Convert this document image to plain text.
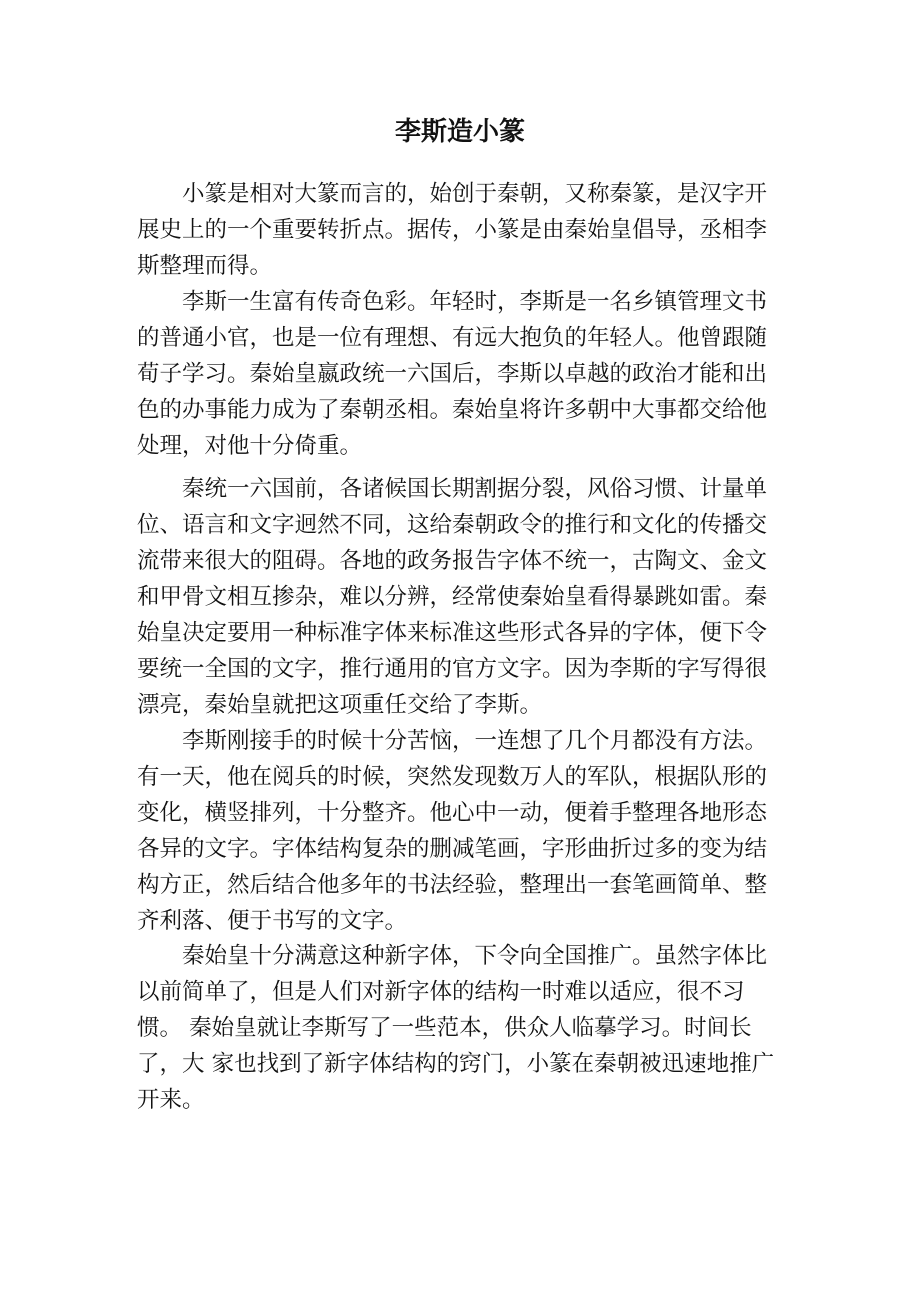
李斯造小篆

小篆是相对大篆而言的，始创于秦朝，又称秦篆，是汉字开展史上的一个重要转折点。据传，小篆是由秦始皇倡导，丞相李斯整理而得。

李斯一生富有传奇色彩。年轻时，李斯是一名乡镇管理文书的普通小官，也是一位有理想、有远大抱负的年轻人。他曾跟随荀子学习。秦始皇嬴政统一六国后，李斯以卓越的政治才能和出色的办事能力成为了秦朝丞相。秦始皇将许多朝中大事都交给他处理，对他十分倚重。

秦统一六国前，各诸候国长期割据分裂，风俗习惯、计量单位、语言和文字迥然不同，这给秦朝政令的推行和文化的传播交流带来很大的阻碍。各地的政务报告字体不统一，古陶文、金文和甲骨文相互掺杂，难以分辨，经常使秦始皇看得暴跳如雷。秦始皇决定要用一种标准字体来标准这些形式各异的字体，便下令要统一全国的文字，推行通用的官方文字。因为李斯的字写得很漂亮，秦始皇就把这项重任交给了李斯。

李斯刚接手的时候十分苦恼，一连想了几个月都没有方法。有一天，他在阅兵的时候，突然发现数万人的军队，根据队形的变化，横竖排列，十分整齐。他心中一动，便着手整理各地形态各异的文字。字体结构复杂的删减笔画，字形曲折过多的变为结构方正，然后结合他多年的书法经验，整理出一套笔画简单、整齐利落、便于书写的文字。

秦始皇十分满意这种新字体，下令向全国推广。虽然字体比以前简单了，但是人们对新字体的结构一时难以适应，很不习惯。 秦始皇就让李斯写了一些范本，供众人临摹学习。时间长了，大 家也找到了新字体结构的窍门，小篆在秦朝被迅速地推广开来。
